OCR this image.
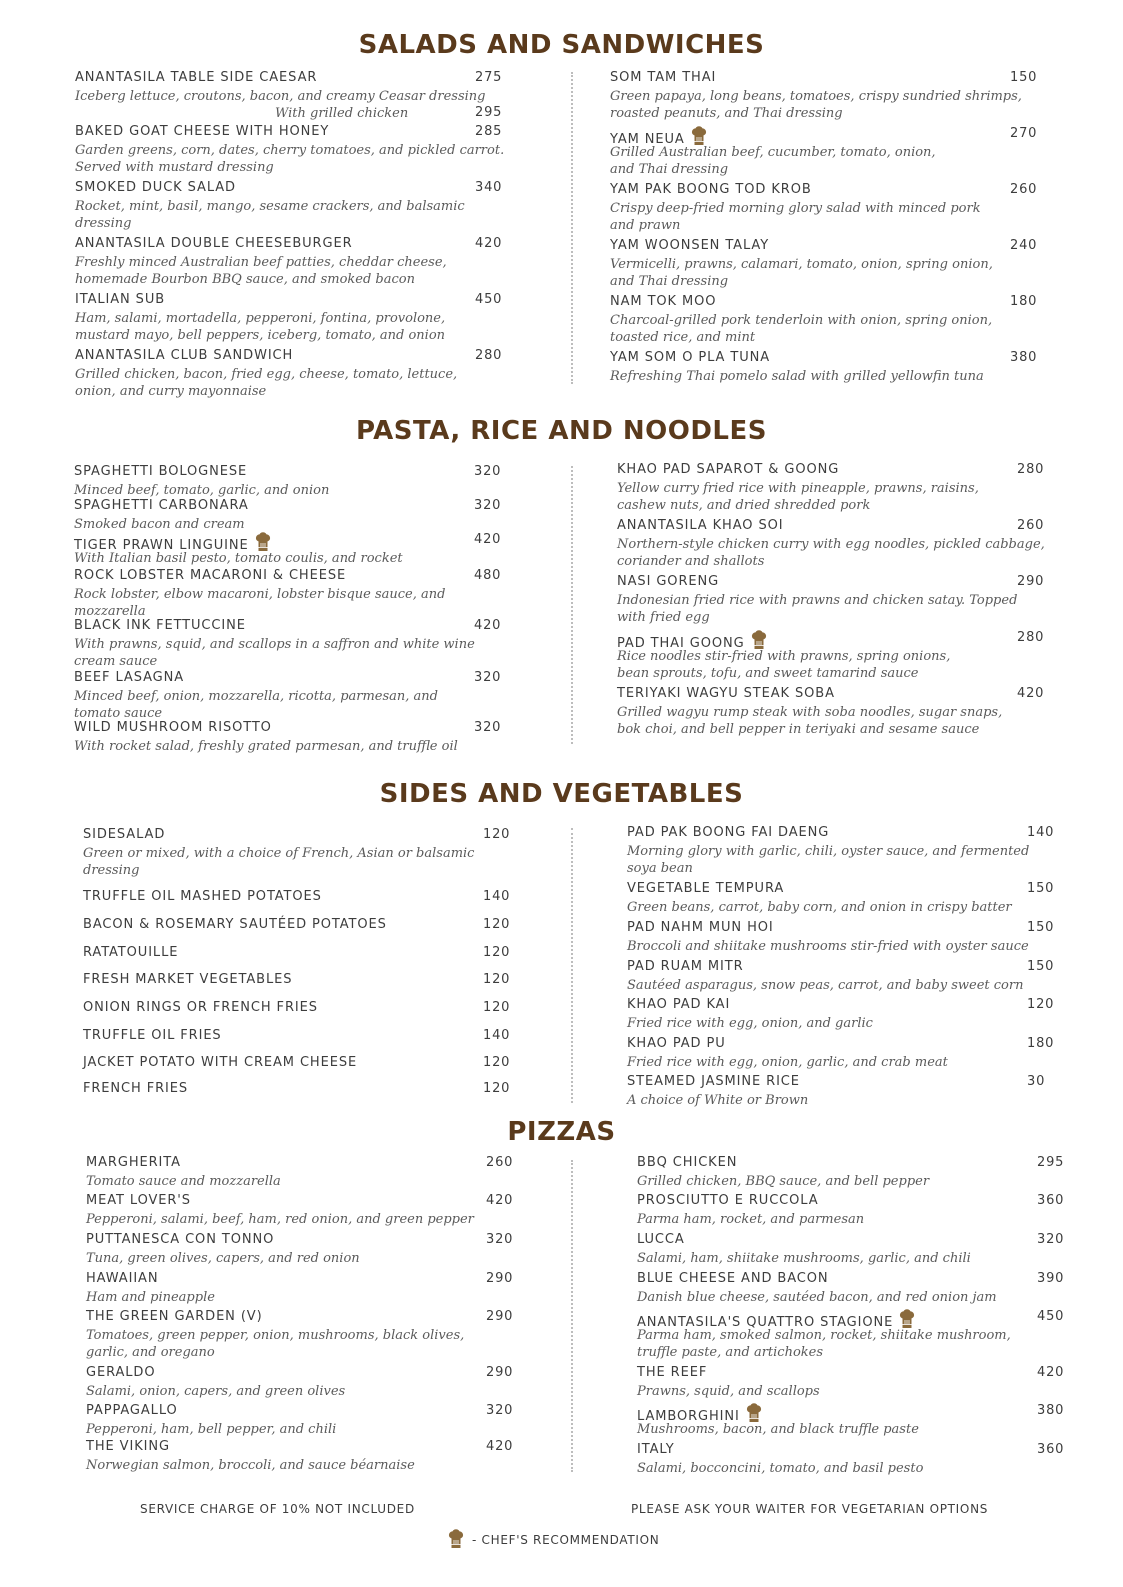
SALADS AND SANDWICHES
ANANTASILA TABLE SIDE CAESAR	275
Iceberg lettuce, croutons, bacon, and creamy Ceasar dressing
With grilled chicken	295
BAKED GOAT CHEESE WITH HONEY	285
Garden greens, corn, dates, cherry tomatoes, and pickled carrot.
Served with mustard dressing
SMOKED DUCK SALAD	340
Rocket, mint, basil, mango, sesame crackers, and balsamic
dressing
ANANTASILA DOUBLE CHEESEBURGER	420
Freshly minced Australian beef patties, cheddar cheese,
homemade Bourbon BBQ sauce, and smoked bacon
ITALIAN SUB	450
Ham, salami, mortadella, pepperoni, fontina, provolone,
mustard mayo, bell peppers, iceberg, tomato, and onion
ANANTASILA CLUB SANDWICH	280
Grilled chicken, bacon, fried egg, cheese, tomato, lettuce,
onion, and curry mayonnaise
SOM TAM THAI	150
Green papaya, long beans, tomatoes, crispy sundried shrimps,
roasted peanuts, and Thai dressing
YAM NEUA	270
Grilled Australian beef, cucumber, tomato, onion,
and Thai dressing
YAM PAK BOONG TOD KROB	260
Crispy deep-fried morning glory salad with minced pork
and prawn
YAM WOONSEN TALAY	240
Vermicelli, prawns, calamari, tomato, onion, spring onion,
and Thai dressing
NAM TOK MOO	180
Charcoal-grilled pork tenderloin with onion, spring onion,
toasted rice, and mint
YAM SOM O PLA TUNA	380
Refreshing Thai pomelo salad with grilled yellowfin tuna
PASTA, RICE AND NOODLES
SPAGHETTI BOLOGNESE	320
Minced beef, tomato, garlic, and onion
SPAGHETTI CARBONARA	320
Smoked bacon and cream
TIGER PRAWN LINGUINE	420
With Italian basil pesto, tomato coulis, and rocket
ROCK LOBSTER MACARONI & CHEESE	480
Rock lobster, elbow macaroni, lobster bisque sauce, and
mozzarella
BLACK INK FETTUCCINE	420
With prawns, squid, and scallops in a saffron and white wine
cream sauce
BEEF LASAGNA	320
Minced beef, onion, mozzarella, ricotta, parmesan, and
tomato sauce
WILD MUSHROOM RISOTTO	320
With rocket salad, freshly grated parmesan, and truffle oil
KHAO PAD SAPAROT & GOONG	280
Yellow curry fried rice with pineapple, prawns, raisins,
cashew nuts, and dried shredded pork
ANANTASILA KHAO SOI	260
Northern-style chicken curry with egg noodles, pickled cabbage,
coriander and shallots
NASI GORENG	290
Indonesian fried rice with prawns and chicken satay. Topped
with fried egg
PAD THAI GOONG	280
Rice noodles stir-fried with prawns, spring onions,
bean sprouts, tofu, and sweet tamarind sauce
TERIYAKI WAGYU STEAK SOBA	420
Grilled wagyu rump steak with soba noodles, sugar snaps,
bok choi, and bell pepper in teriyaki and sesame sauce
SIDES AND VEGETABLES
SIDESALAD	120
Green or mixed, with a choice of French, Asian or balsamic
dressing
TRUFFLE OIL MASHED POTATOES	140
BACON & ROSEMARY SAUTÉED POTATOES	120
RATATOUILLE	120
FRESH MARKET VEGETABLES	120
ONION RINGS OR FRENCH FRIES	120
TRUFFLE OIL FRIES	140
JACKET POTATO WITH CREAM CHEESE	120
FRENCH FRIES	120
PAD PAK BOONG FAI DAENG	140
Morning glory with garlic, chili, oyster sauce, and fermented
soya bean
VEGETABLE TEMPURA	150
Green beans, carrot, baby corn, and onion in crispy batter
PAD NAHM MUN HOI	150
Broccoli and shiitake mushrooms stir-fried with oyster sauce
PAD RUAM MITR	150
Sautéed asparagus, snow peas, carrot, and baby sweet corn
KHAO PAD KAI	120
Fried rice with egg, onion, and garlic
KHAO PAD PU	180
Fried rice with egg, onion, garlic, and crab meat
STEAMED JASMINE RICE	30
A choice of White or Brown
PIZZAS
MARGHERITA	260
Tomato sauce and mozzarella
MEAT LOVER'S	420
Pepperoni, salami, beef, ham, red onion, and green pepper
PUTTANESCA CON TONNO	320
Tuna, green olives, capers, and red onion
HAWAIIAN	290
Ham and pineapple
THE GREEN GARDEN (V)	290
Tomatoes, green pepper, onion, mushrooms, black olives,
garlic, and oregano
GERALDO	290
Salami, onion, capers, and green olives
PAPPAGALLO	320
Pepperoni, ham, bell pepper, and chili
THE VIKING	420
Norwegian salmon, broccoli, and sauce béarnaise
BBQ CHICKEN	295
Grilled chicken, BBQ sauce, and bell pepper
PROSCIUTTO E RUCCOLA	360
Parma ham, rocket, and parmesan
LUCCA	320
Salami, ham, shiitake mushrooms, garlic, and chili
BLUE CHEESE AND BACON	390
Danish blue cheese, sautéed bacon, and red onion jam
ANANTASILA'S QUATTRO STAGIONE	450
Parma ham, smoked salmon, rocket, shiitake mushroom,
truffle paste, and artichokes
THE REEF	420
Prawns, squid, and scallops
LAMBORGHINI	380
Mushrooms, bacon, and black truffle paste
ITALY	360
Salami, bocconcini, tomato, and basil pesto
SERVICE CHARGE OF 10% NOT INCLUDED	PLEASE ASK YOUR WAITER FOR VEGETARIAN OPTIONS
- CHEF'S RECOMMENDATION
